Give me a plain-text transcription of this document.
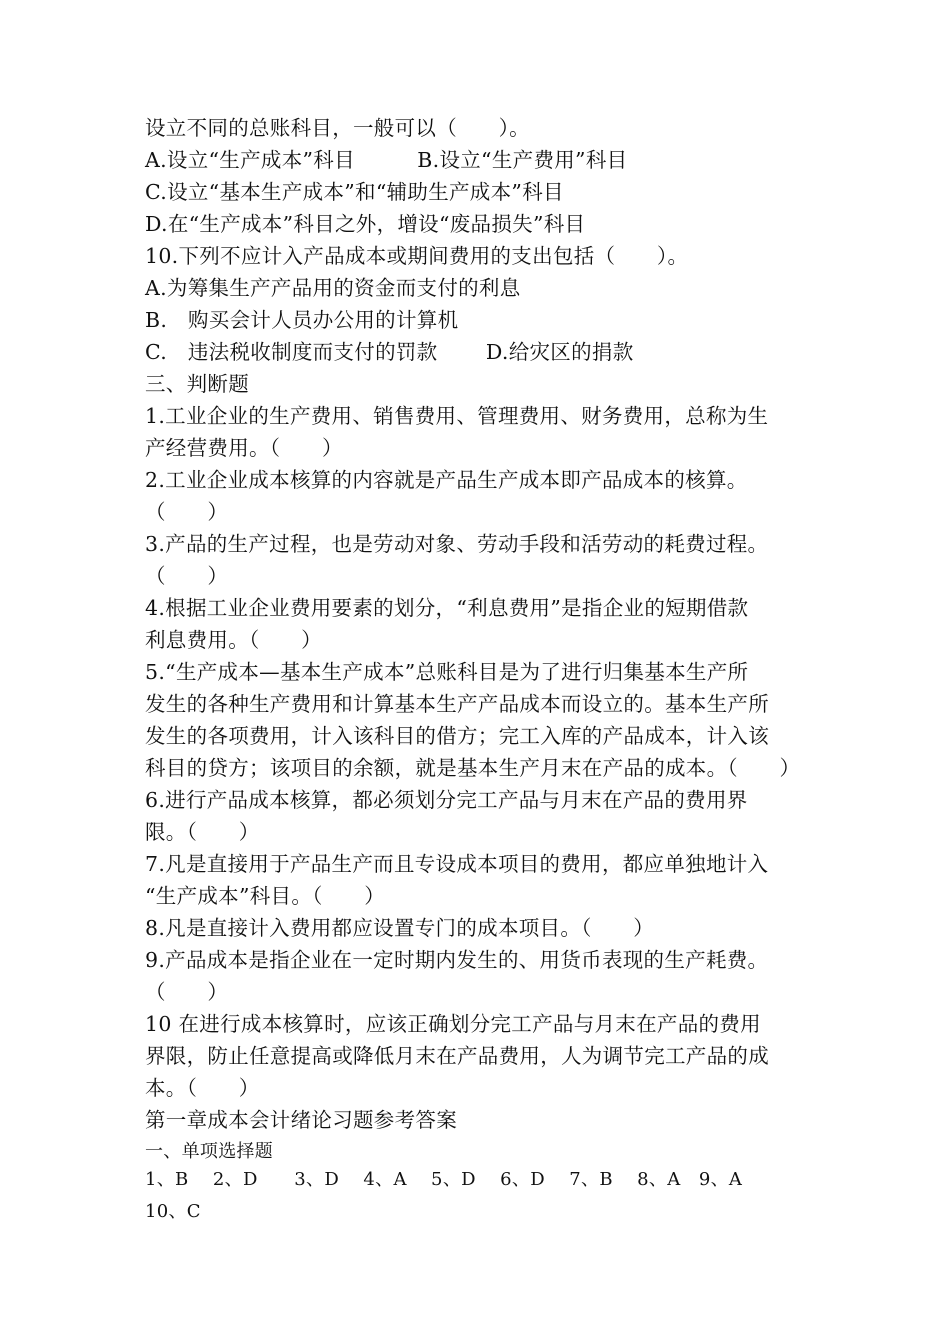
设立不同的总账科目，一般可以（　　）。
A.设立“生产成本”科目　　　B.设立“生产费用”科目
C.设立“基本生产成本”和“辅助生产成本”科目
D.在“生产成本”科目之外，增设“废品损失”科目
10.下列不应计入产品成本或期间费用的支出包括（　　）。
A.为筹集生产产品用的资金而支付的利息
B.　购买会计人员办公用的计算机
C.　违法税收制度而支付的罚款　　 D.给灾区的捐款
三、判断题
1.工业企业的生产费用、销售费用、管理费用、财务费用，总称为生
产经营费用。（　　）
2.工业企业成本核算的内容就是产品生产成本即产品成本的核算。
（　　）
3.产品的生产过程，也是劳动对象、劳动手段和活劳动的耗费过程。
（　　）
4.根据工业企业费用要素的划分，“利息费用”是指企业的短期借款
利息费用。（　　）
5.“生产成本—基本生产成本”总账科目是为了进行归集基本生产所
发生的各种生产费用和计算基本生产产品成本而设立的。基本生产所
发生的各项费用，计入该科目的借方；完工入库的产品成本，计入该
科目的贷方；该项目的余额，就是基本生产月末在产品的成本。（　　）
6.进行产品成本核算，都必须划分完工产品与月末在产品的费用界
限。（　　）
7.凡是直接用于产品生产而且专设成本项目的费用，都应单独地计入
“生产成本”科目。（　　）
8.凡是直接计入费用都应设置专门的成本项目。（　　）
9.产品成本是指企业在一定时期内发生的、用货币表现的生产耗费。
（　　）
10 在进行成本核算时，应该正确划分完工产品与月末在产品的费用
界限，防止任意提高或降低月末在产品费用，人为调节完工产品的成
本。（　　）
第一章成本会计绪论习题参考答案
一、单项选择题
1、B　 2、D　　3、D　 4、A　 5、D　 6、D　 7、B　 8、A　9、A
10、C
